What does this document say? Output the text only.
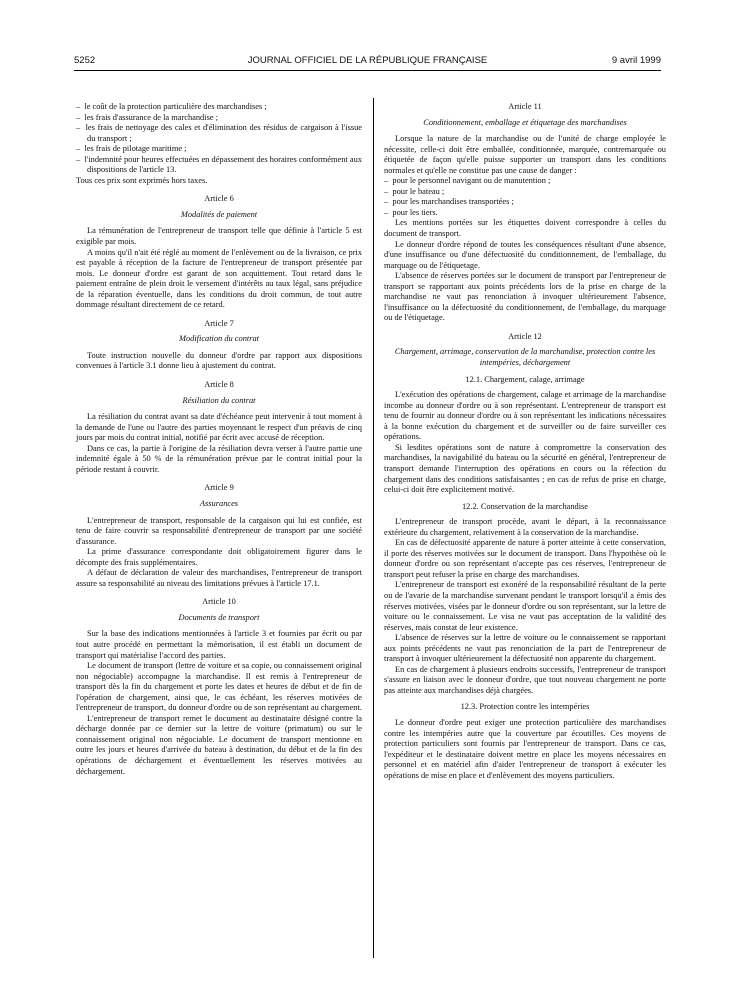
5252	JOURNAL OFFICIEL DE LA RÉPUBLIQUE FRANÇAISE	9 avril 1999
–  le coût de la protection particulière des marchandises ;
–  les frais d'assurance de la marchandise ;
–  les frais de nettoyage des cales et d'élimination des résidus de cargaison à l'issue du transport ;
–  les frais de pilotage maritime ;
–  l'indemnité pour heures effectuées en dépassement des horaires conformément aux dispositions de l'article 13.

Tous ces prix sont exprimés hors taxes.

Article 6
Modalités de paiement

La rémunération de l'entrepreneur de transport telle que définie à l'article 5 est exigible par mois.

A moins qu'il n'ait été réglé au moment de l'enlèvement ou de la livraison, ce prix est payable à réception de la facture de l'entrepreneur de transport présentée par mois. Le donneur d'ordre est garant de son acquittement. Tout retard dans le paiement entraîne de plein droit le versement d'intérêts au taux légal, sans préjudice de la réparation éventuelle, dans les conditions du droit commun, de tout autre dommage résultant directement de ce retard.

Article 7
Modification du contrat

Toute instruction nouvelle du donneur d'ordre par rapport aux dispositions convenues à l'article 3.1 donne lieu à ajustement du contrat.

Article 8
Résiliation du contrat

La résiliation du contrat avant sa date d'échéance peut intervenir à tout moment à la demande de l'une ou l'autre des parties moyennant le respect d'un préavis de cinq jours par mois du contrat initial, notifié par écrit avec accusé de réception.

Dans ce cas, la partie à l'origine de la résiliation devra verser à l'autre partie une indemnité égale à 50 % de la rémunération prévue par le contrat initial pour la période restant à couvrir.

Article 9
Assurances

L'entrepreneur de transport, responsable de la cargaison qui lui est confiée, est tenu de faire couvrir sa responsabilité d'entrepreneur de transport par une société d'assurance.

La prime d'assurance correspondante doit obligatoirement figurer dans le décompte des frais supplémentaires.

A défaut de déclaration de valeur des marchandises, l'entrepreneur de transport assure sa responsabilité au niveau des limitations prévues à l'article 17.1.

Article 10
Documents de transport

Sur la base des indications mentionnées à l'article 3 et fournies par écrit ou par tout autre procédé en permettant la mémorisation, il est établi un document de transport qui matérialise l'accord des parties.

Le document de transport (lettre de voiture et sa copie, ou connaissement original non négociable) accompagne la marchandise. Il est remis à l'entrepreneur de transport dès la fin du chargement et porte les dates et heures de début et de fin de l'opération de chargement, ainsi que, le cas échéant, les réserves motivées de l'entrepreneur de transport, du donneur d'ordre ou de son représentant au chargement.

L'entrepreneur de transport remet le document au destinataire désigné contre la décharge donnée par ce dernier sur la lettre de voiture (primatum) ou sur le connaissement original non négociable. Le document de transport mentionne en outre les jours et heures d'arrivée du bateau à destination, du début et de la fin des opérations de déchargement et éventuellement les réserves motivées au déchargement.

Article 11
Conditionnement, emballage et étiquetage des marchandises

Lorsque la nature de la marchandise ou de l'unité de charge employée le nécessite, celle-ci doit être emballée, conditionnée, marquée, contremarquée ou étiquetée de façon qu'elle puisse supporter un transport dans les conditions normales et qu'elle ne constitue pas une cause de danger :

–  pour le personnel navigant ou de manutention ;
–  pour le bateau ;
–  pour les marchandises transportées ;
–  pour les tiers.

Les mentions portées sur les étiquettes doivent correspondre à celles du document de transport.

Le donneur d'ordre répond de toutes les conséquences résultant d'une absence, d'une insuffisance ou d'une défectuosité du conditionnement, de l'emballage, du marquage ou de l'étiquetage.

L'absence de réserves portées sur le document de transport par l'entrepreneur de transport se rapportant aux points précédents lors de la prise en charge de la marchandise ne vaut pas renonciation à invoquer ultérieurement l'absence, l'insuffisance ou la défectuosité du conditionnement, de l'emballage, du marquage ou de l'étiquetage.

Article 12
Chargement, arrimage, conservation de la marchandise, protection contre les intempéries, déchargement
12.1. Chargement, calage, arrimage

L'exécution des opérations de chargement, calage et arrimage de la marchandise incombe au donneur d'ordre ou à son représentant. L'entrepreneur de transport est tenu de fournir au donneur d'ordre ou à son représentant les indications nécessaires à la bonne exécution du chargement et de surveiller ou de faire surveiller ces opérations.

Si lesdites opérations sont de nature à compromettre la conservation des marchandises, la navigabilité du bateau ou la sécurité en général, l'entrepreneur de transport demande l'interruption des opérations en cours ou la réfection du chargement dans des conditions satisfaisantes ; en cas de refus de prise en charge, celui-ci doit être explicitement motivé.

12.2. Conservation de la marchandise

L'entrepreneur de transport procède, avant le départ, à la reconnaissance extérieure du chargement, relativement à la conservation de la marchandise.

En cas de défectuosité apparente de nature à porter atteinte à cette conservation, il porte des réserves motivées sur le document de transport. Dans l'hypothèse où le donneur d'ordre ou son représentant n'accepte pas ces réserves, l'entrepreneur de transport peut refuser la prise en charge des marchandises.

L'entrepreneur de transport est exonéré de la responsabilité résultant de la perte ou de l'avarie de la marchandise survenant pendant le transport lorsqu'il a émis des réserves motivées, visées par le donneur d'ordre ou son représentant, sur la lettre de voiture ou le connaissement. Le visa ne vaut pas acceptation de la validité des réserves, mais constat de leur existence.

L'absence de réserves sur la lettre de voiture ou le connaissement se rapportant aux points précédents ne vaut pas renonciation de la part de l'entrepreneur de transport à invoquer ultérieurement la défectuosité non apparente du chargement.

En cas de chargement à plusieurs endroits successifs, l'entrepreneur de transport s'assure en liaison avec le donneur d'ordre, que tout nouveau chargement ne porte pas atteinte aux marchandises déjà chargées.

12.3. Protection contre les intempéries

Le donneur d'ordre peut exiger une protection particulière des marchandises contre les intempéries autre que la couverture par écoutilles. Ces moyens de protection particuliers sont fournis par l'entrepreneur de transport. Dans ce cas, l'expéditeur et le destinataire doivent mettre en place les moyens nécessaires en personnel et en matériel afin d'aider l'entrepreneur de transport à exécuter les opérations de mise en place et d'enlèvement des moyens particuliers.
